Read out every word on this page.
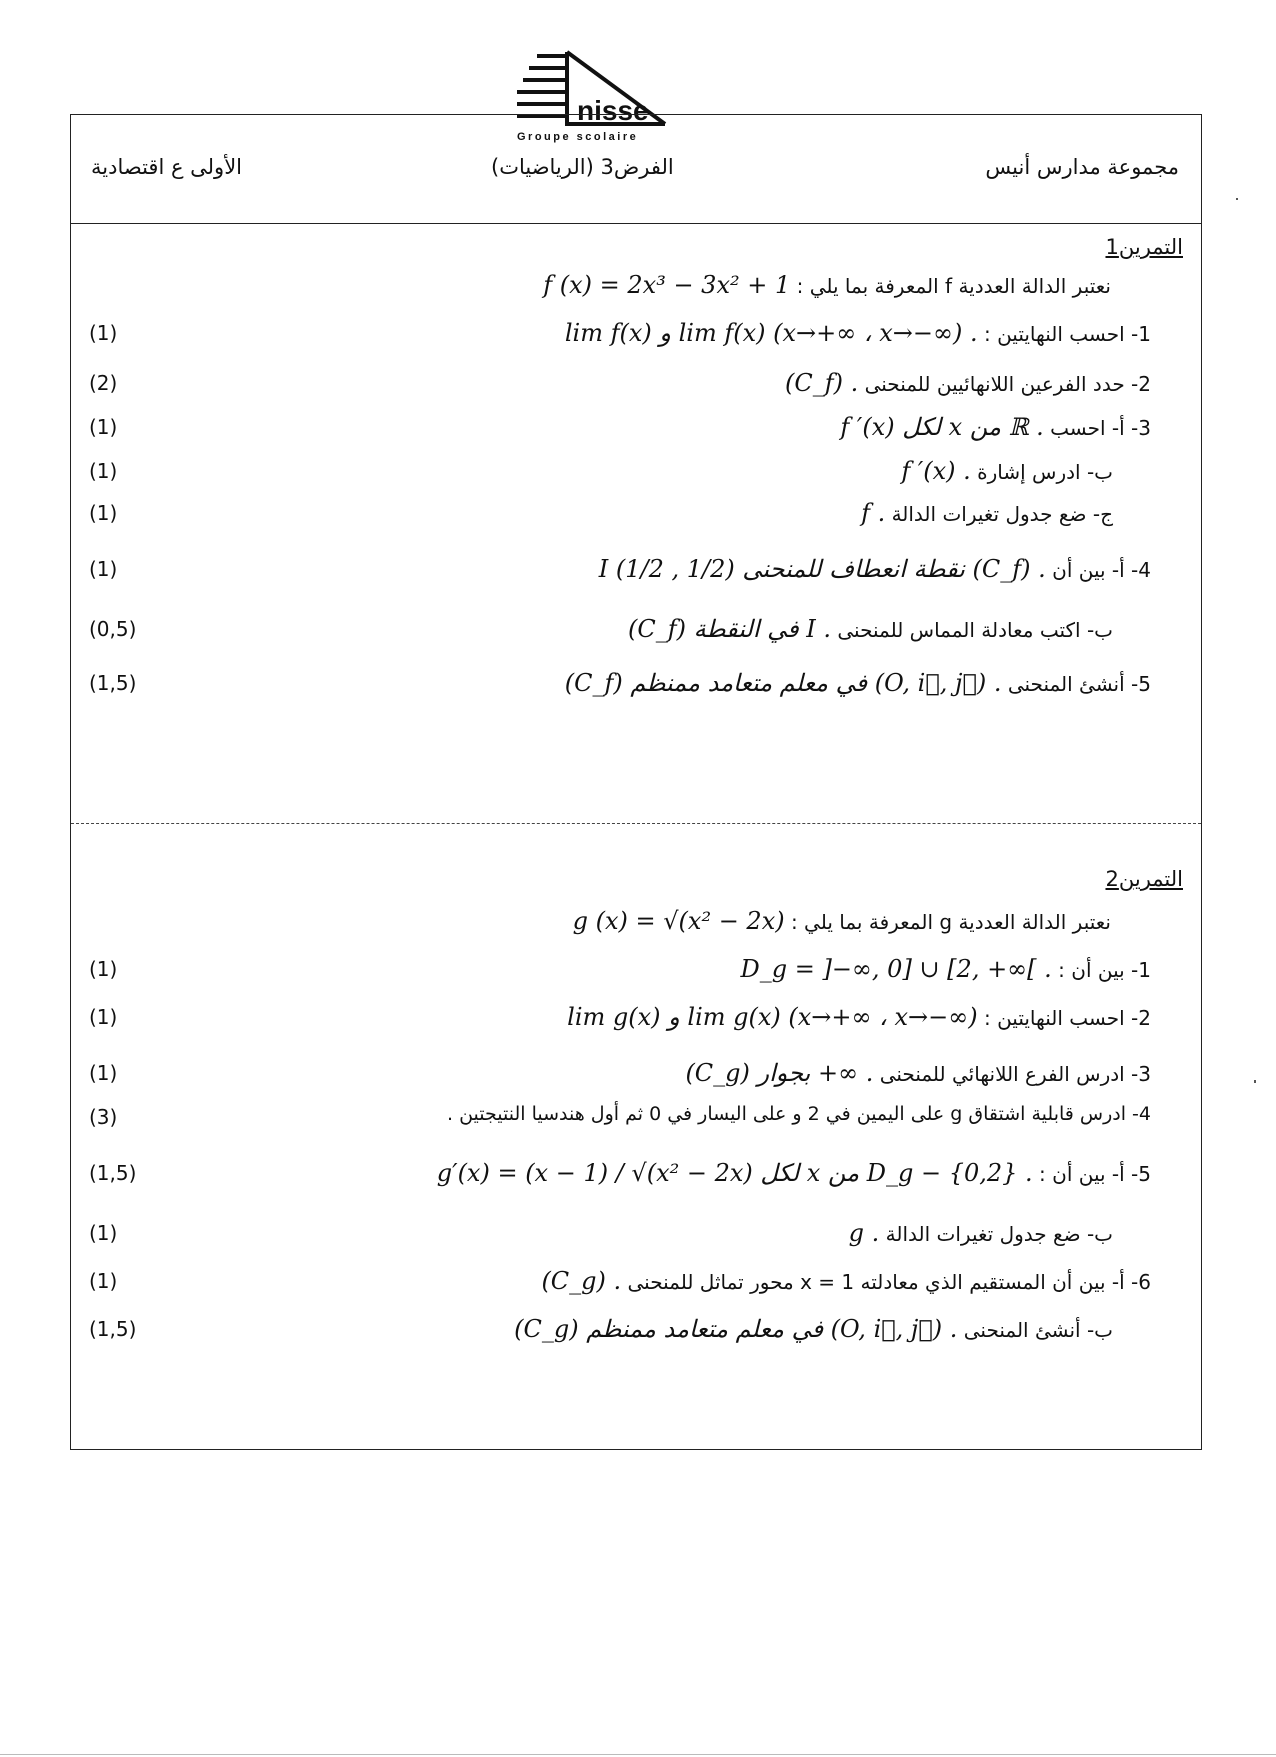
nisse
Groupe scolaire
مجموعة مدارس أنيس
الفرض3 (الرياضيات)
الأولى ع اقتصادية
التمرين1
نعتبر الدالة العددية f المعرفة بما يلي : f (x) = 2x³ − 3x² + 1
1- احسب النهايتين : lim f(x) و lim f(x) (x→+∞ ، x→−∞) .
(1)
2- حدد الفرعين اللانهائيين للمنحنى (C_f) .
(2)
3- أ- احسب f ′(x) لكل x من ℝ .
(1)
ب- ادرس إشارة f ′(x) .
(1)
ج- ضع جدول تغيرات الدالة f .
(1)
4- أ- بين أن I (1/2 , 1/2) نقطة انعطاف للمنحنى (C_f) .
(1)
ب- اكتب معادلة المماس للمنحنى (C_f) في النقطة I .
(0,5)
5- أنشئ المنحنى (C_f) في معلم متعامد ممنظم (O, i⃗, j⃗) .
(1,5)
التمرين2
نعتبر الدالة العددية g المعرفة بما يلي : g (x) = √(x² − 2x)
1- بين أن : D_g = ]−∞, 0] ∪ [2, +∞[ .
(1)
2- احسب النهايتين : lim g(x) و lim g(x) (x→+∞ ، x→−∞)
(1)
3- ادرس الفرع اللانهائي للمنحنى (C_g) بجوار +∞ .
(1)
4- ادرس قابلية اشتقاق g على اليمين في 2 و على اليسار في 0 ثم أول هندسيا النتيجتين .
(3)
5- أ- بين أن : g′(x) = (x − 1) / √(x² − 2x) لكل x من D_g − {0,2} .
(1,5)
ب- ضع جدول تغيرات الدالة g .
(1)
6- أ- بين أن المستقيم الذي معادلته x = 1 محور تماثل للمنحنى (C_g) .
(1)
ب- أنشئ المنحنى (C_g) في معلم متعامد ممنظم (O, i⃗, j⃗) .
(1,5)
